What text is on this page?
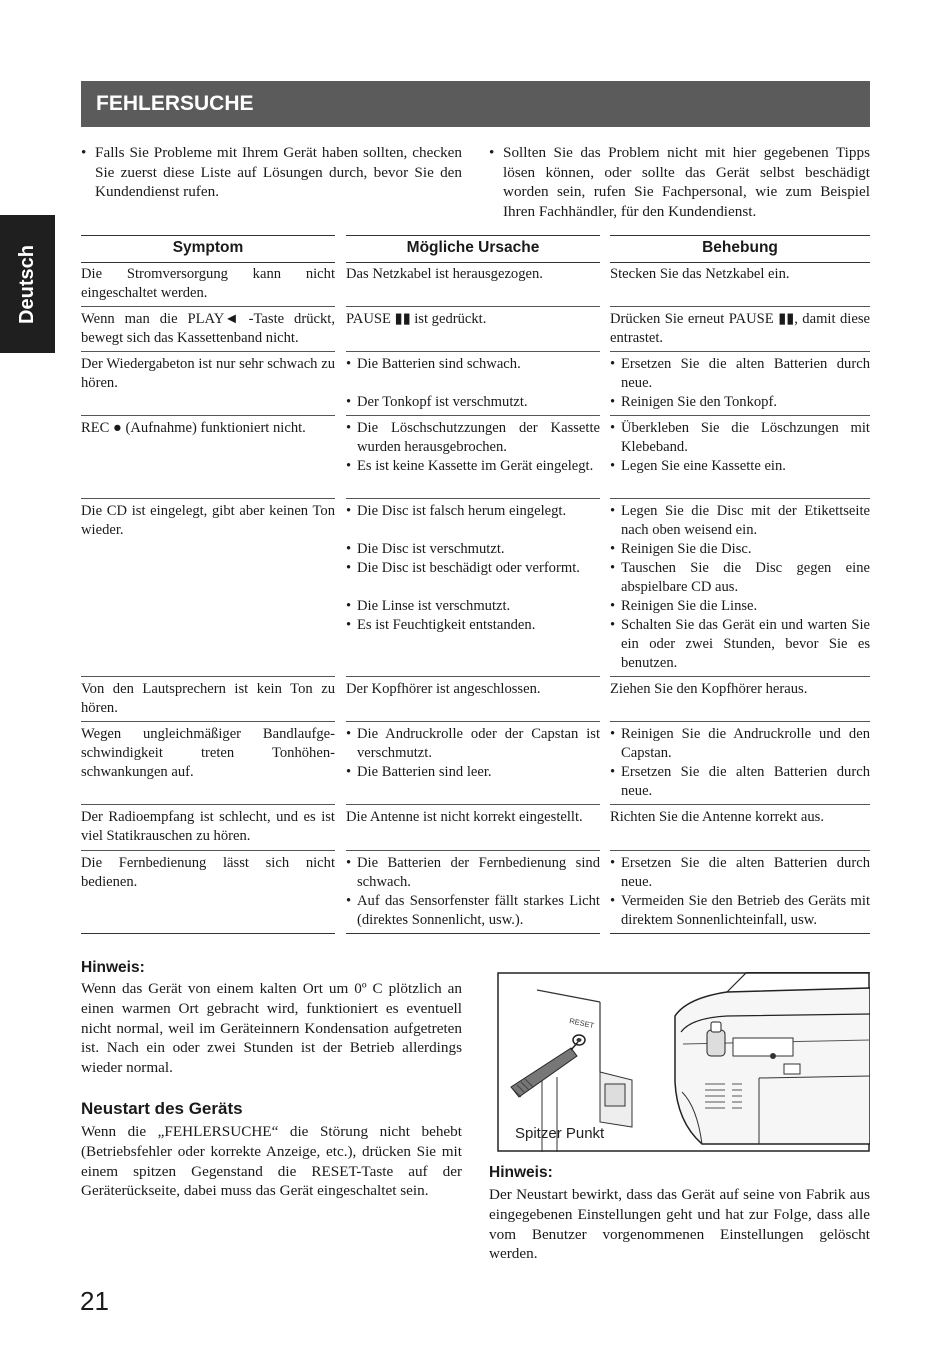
Deutsch
FEHLERSUCHE
• Falls Sie Probleme mit Ihrem Gerät haben sollten, checken Sie zuerst diese Liste auf Lösungen durch, bevor Sie den Kundendienst rufen.
• Sollten Sie das Problem nicht mit hier gegebenen Tipps lösen können, oder sollte das Gerät selbst beschädigt worden sein, rufen Sie Fachpersonal, wie zum Beispiel Ihren Fachhändler, für den Kundendienst.
Symptom	Mögliche Ursache	Behebung
Die Stromversorgung kann nicht eingeschaltet werden.
Das Netzkabel ist herausgezogen.	Stecken Sie das Netzkabel ein.
Wenn man die PLAY◄ -Taste drückt, bewegt sich das Kassettenband nicht.
PAUSE ▮▮ ist gedrückt.	Drücken Sie erneut PAUSE ▮▮, damit diese entrastet.
Der Wiedergabeton ist nur sehr schwach zu hören.
• Die Batterien sind schwach.
• Der Tonkopf ist verschmutzt.
• Ersetzen Sie die alten Batterien durch neue.
• Reinigen Sie den Tonkopf.
REC ● (Aufnahme) funktioniert nicht.
•	Die Löschschutzzungen der Kassette wurden herausgebrochen.
• Es ist keine Kassette im Gerät eingelegt.
• Überkleben Sie die Löschzungen mit Klebeband.
• Legen Sie eine Kassette ein.
Die CD ist eingelegt, gibt aber keinen Ton wieder.
• Die Disc ist falsch herum eingelegt.
• Die Disc ist verschmutzt.
• Die Disc ist beschädigt oder verformt.
• Die Linse ist verschmutzt.
• Es ist Feuchtigkeit entstanden.
• Legen Sie die Disc mit der Etikettseite nach oben weisend ein.
• Reinigen Sie die Disc.
• Tauschen Sie die Disc gegen eine abspielbare CD aus.
• Reinigen Sie die Linse.
• Schalten Sie das Gerät ein und warten Sie ein oder zwei Stunden, bevor Sie es benutzen.
Von den Lautsprechern ist kein Ton zu hören.
Der Kopfhörer ist angeschlossen.	Ziehen Sie den Kopfhörer heraus.
Wegen ungleichmäßiger Bandlaufge-schwindigkeit treten Tonhöhen-schwankungen auf.
• Die Andruckrolle oder der Capstan ist verschmutzt.
• Die Batterien sind leer.
• Reinigen Sie die Andruckrolle und den Capstan.
• Ersetzen Sie die alten Batterien durch neue.
Der Radioempfang ist schlecht, und es ist viel Statikrauschen zu hören.
Die Antenne ist nicht korrekt eingestellt.	Richten Sie die Antenne korrekt aus.
Die Fernbedienung lässt sich nicht bedienen.
• Die Batterien der Fernbedienung sind schwach.
• Auf das Sensorfenster fällt starkes Licht (direktes Sonnenlicht, usw.).
• Ersetzen Sie die alten Batterien durch neue.
• Vermeiden Sie den Betrieb des Geräts mit direktem Sonnenlichteinfall, usw.
Hinweis:
Wenn das Gerät von einem kalten Ort um 0º C plötzlich an einen warmen Ort gebracht wird, funktioniert es eventuell nicht normal, weil im Geräteinnern Kondensation aufgetreten ist. Nach ein oder zwei Stunden ist der Betrieb allerdings wieder normal.
Neustart des Geräts
Wenn die „FEHLERSUCHE“ die Störung nicht behebt (Betriebsfehler oder korrekte Anzeige, etc.), drücken Sie mit einem spitzen Gegenstand die RESET-Taste auf der Geräterückseite, dabei muss das Gerät eingeschaltet sein.
RESET
Spitzer Punkt
Hinweis:
Der Neustart bewirkt, dass das Gerät auf seine von Fabrik aus eingegebenen Einstellungen geht und hat zur Folge, dass alle vom Benutzer vorgenommenen Einstellungen gelöscht werden.
21
